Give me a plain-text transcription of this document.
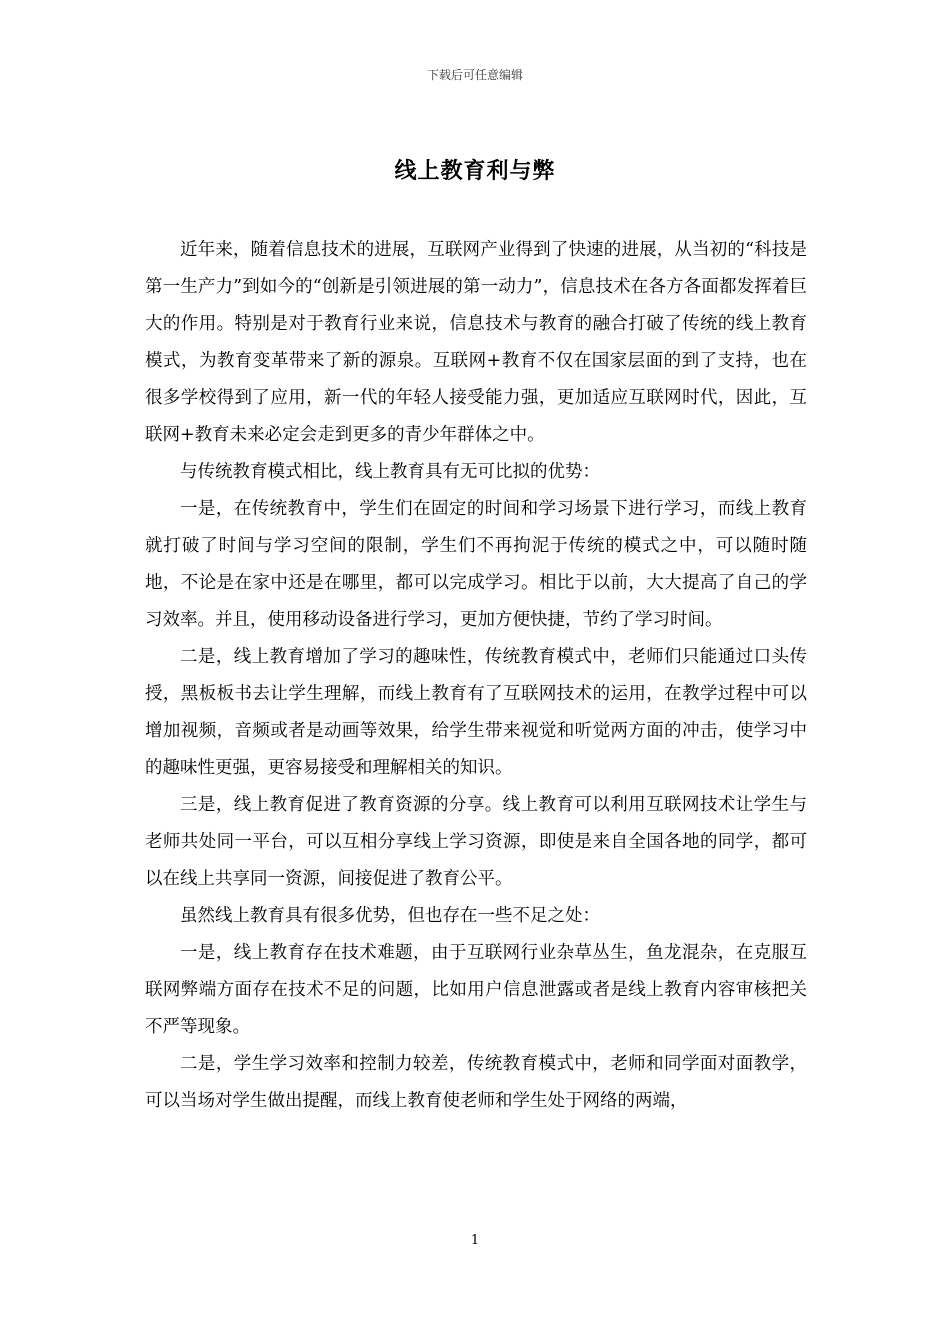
下载后可任意编辑
线上教育利与弊

近年来，随着信息技术的进展，互联网产业得到了快速的进展，从当初的“科技是第一生产力”到如今的“创新是引领进展的第一动力”，信息技术在各方各面都发挥着巨大的作用。特别是对于教育行业来说，信息技术与教育的融合打破了传统的线上教育模式，为教育变革带来了新的源泉。互联网+教育不仅在国家层面的到了支持，也在很多学校得到了应用，新一代的年轻人接受能力强，更加适应互联网时代，因此，互联网+教育未来必定会走到更多的青少年群体之中。

与传统教育模式相比，线上教育具有无可比拟的优势：

一是，在传统教育中，学生们在固定的时间和学习场景下进行学习，而线上教育就打破了时间与学习空间的限制，学生们不再拘泥于传统的模式之中，可以随时随地，不论是在家中还是在哪里，都可以完成学习。相比于以前，大大提高了自己的学习效率。并且，使用移动设备进行学习，更加方便快捷，节约了学习时间。

二是，线上教育增加了学习的趣味性，传统教育模式中，老师们只能通过口头传授，黑板板书去让学生理解，而线上教育有了互联网技术的运用，在教学过程中可以增加视频，音频或者是动画等效果，给学生带来视觉和听觉两方面的冲击，使学习中的趣味性更强，更容易接受和理解相关的知识。

三是，线上教育促进了教育资源的分享。线上教育可以利用互联网技术让学生与老师共处同一平台，可以互相分享线上学习资源，即使是来自全国各地的同学，都可以在线上共享同一资源，间接促进了教育公平。

虽然线上教育具有很多优势，但也存在一些不足之处：

一是，线上教育存在技术难题，由于互联网行业杂草丛生，鱼龙混杂，在克服互联网弊端方面存在技术不足的问题，比如用户信息泄露或者是线上教育内容审核把关不严等现象。

二是，学生学习效率和控制力较差，传统教育模式中，老师和同学面对面教学，可以当场对学生做出提醒，而线上教育使老师和学生处于网络的两端，

1
